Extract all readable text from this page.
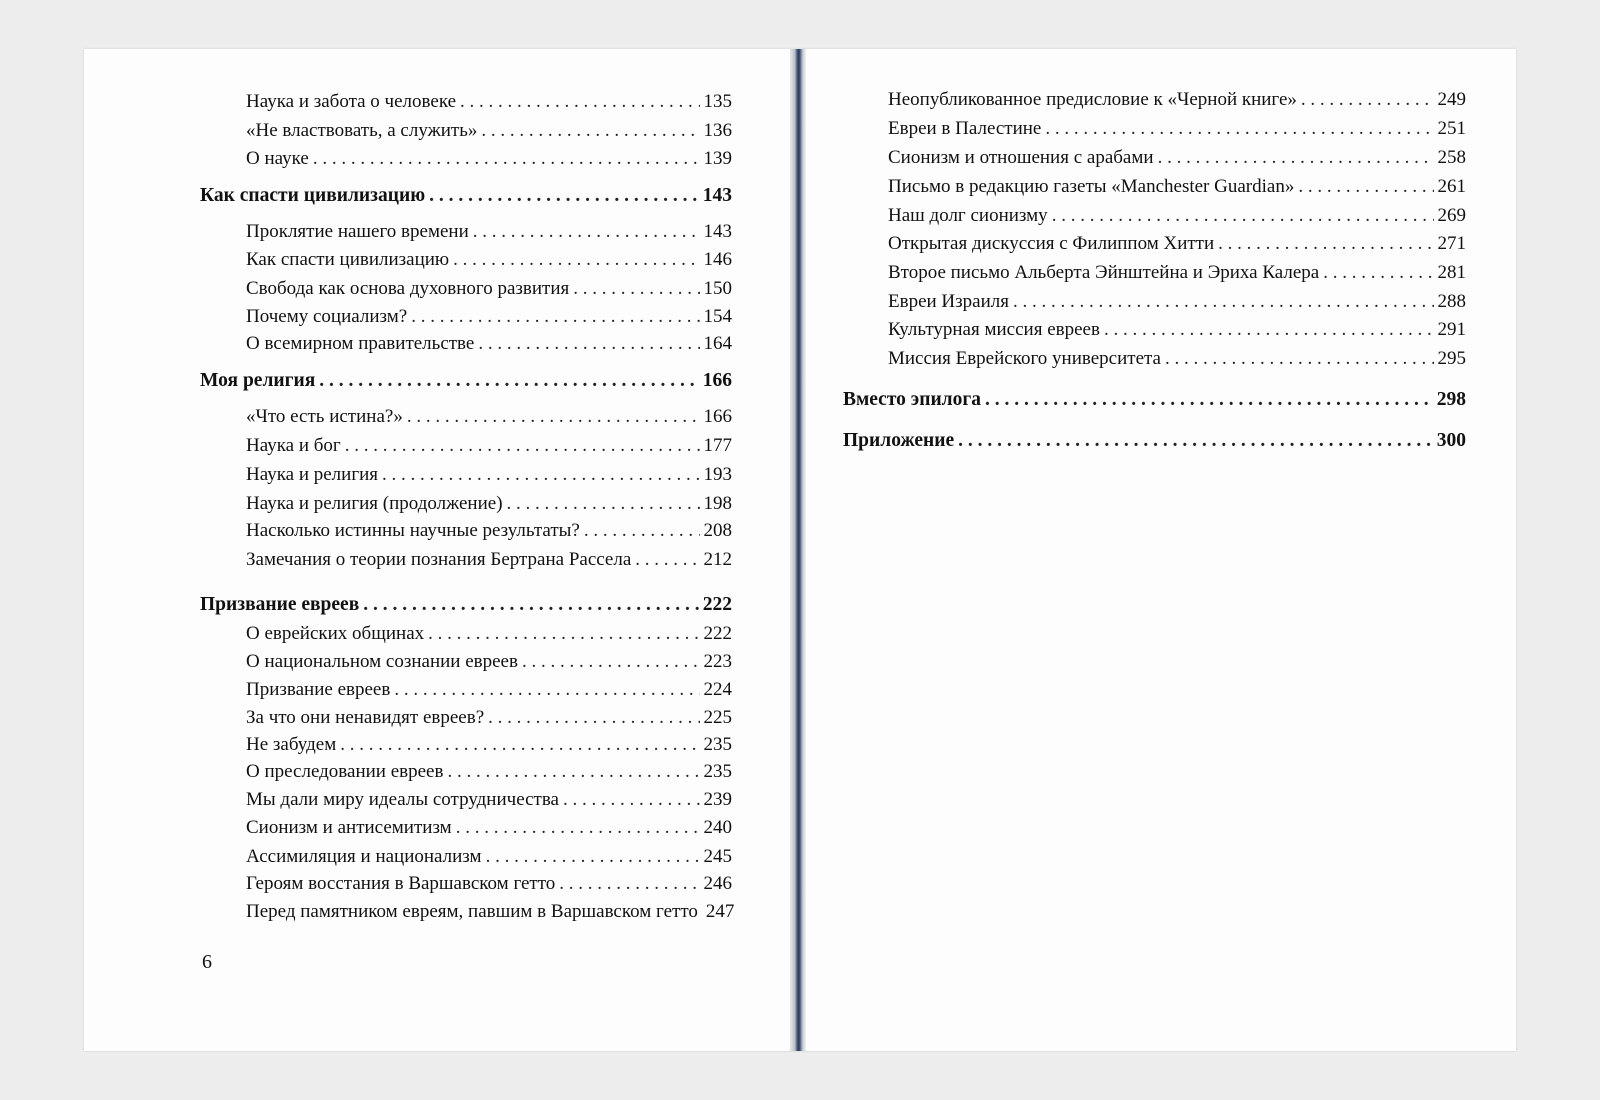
6
Наука и забота о человеке . . .	135
«Не властвовать, а служить» . . .	136
О науке . . .	139
Как спасти цивилизацию . . .	143
Проклятие нашего времени . . .	143
Как спасти цивилизацию . . .	146
Свобода как основа духовного развития . . .	150
Почему социализм? . . .	154
О всемирном правительстве . . .	164
Моя религия . . .	166
«Что есть истина?» . . .	166
Наука и бог . . .	177
Наука и религия . . .	193
Наука и религия (продолжение) . . .	198
Насколько истинны научные результаты? . . .	208
Замечания о теории познания Бертрана Рассела . . .	212
Призвание евреев . . .	222
О еврейских общинах . . .	222
О национальном сознании евреев . . .	223
Призвание евреев . . .	224
За что они ненавидят евреев? . . .	225
Не забудем . . .	235
О преследовании евреев . . .	235
Мы дали миру идеалы сотрудничества . . .	239
Сионизм и антисемитизм . . .	240
Ассимиляция и национализм . . .	245
Героям восстания в Варшавском гетто . . .	246
Перед памятником евреям, павшим в Варшавском гетто 247
Неопубликованное предисловие к «Черной книге» . . .	249
Евреи в Палестине . . .	251
Сионизм и отношения с арабами . . .	258
Письмо в редакцию газеты «Manchester Guardian» . . .	261
Наш долг сионизму . . .	269
Открытая дискуссия с Филиппом Хитти . . .	271
Второе письмо Альберта Эйнштейна и Эриха Калера . . .	281
Евреи Израиля . . .	288
Культурная миссия евреев . . .	291
Миссия Еврейского университета . . .	295
Вместо эпилога . . .	298
Приложение . . .	300
